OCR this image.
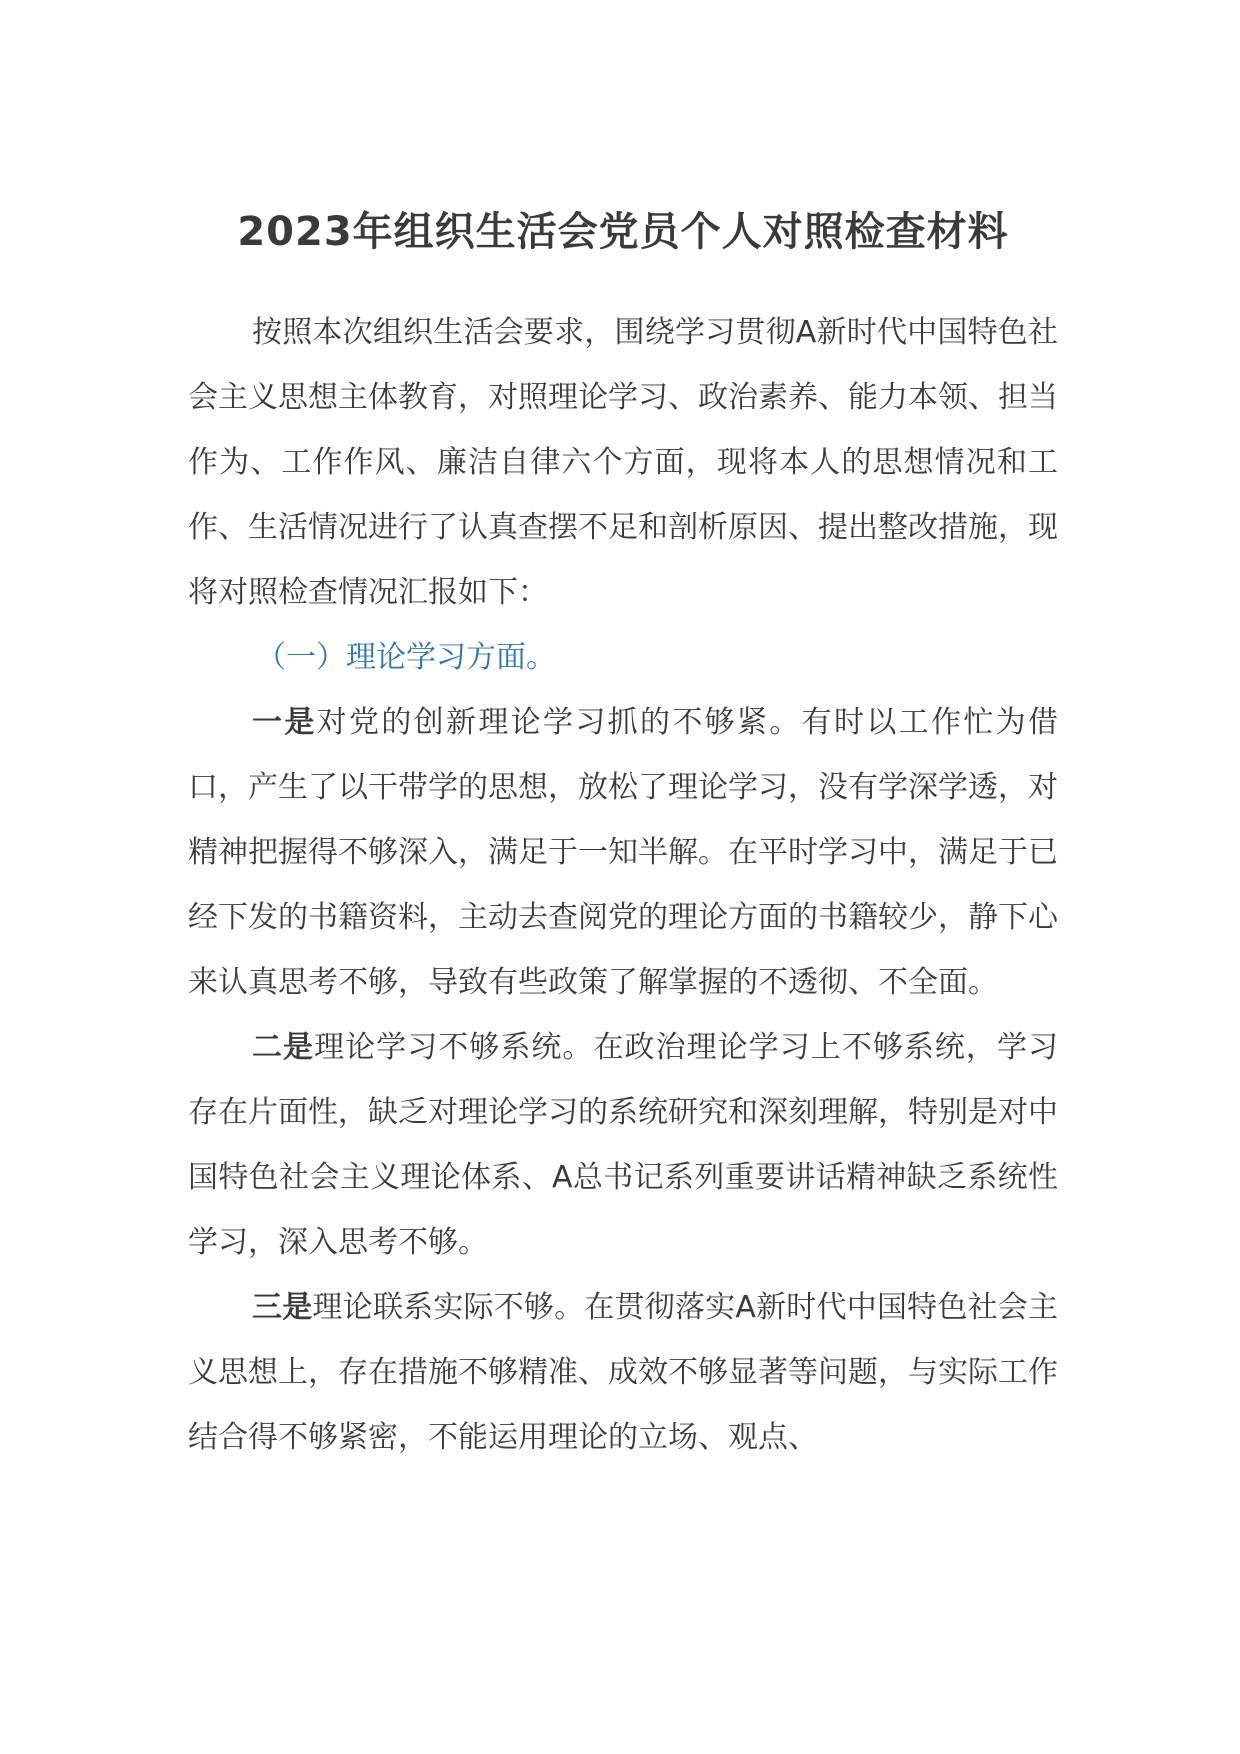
2023年组织生活会党员个人对照检查材料

按照本次组织生活会要求，围绕学习贯彻A新时代中国特色社会主义思想主体教育，对照理论学习、政治素养、能力本领、担当作为、工作作风、廉洁自律六个方面，现将本人的思想情况和工作、生活情况进行了认真查摆不足和剖析原因、提出整改措施，现将对照检查情况汇报如下：

（一）理论学习方面。

一是对党的创新理论学习抓的不够紧。有时以工作忙为借口，产生了以干带学的思想，放松了理论学习，没有学深学透，对精神把握得不够深入，满足于一知半解。在平时学习中，满足于已经下发的书籍资料，主动去查阅党的理论方面的书籍较少，静下心来认真思考不够，导致有些政策了解掌握的不透彻、不全面。

二是理论学习不够系统。在政治理论学习上不够系统，学习存在片面性，缺乏对理论学习的系统研究和深刻理解，特别是对中国特色社会主义理论体系、A总书记系列重要讲话精神缺乏系统性学习，深入思考不够。

三是理论联系实际不够。在贯彻落实A新时代中国特色社会主义思想上，存在措施不够精准、成效不够显著等问题，与实际工作结合得不够紧密，不能运用理论的立场、观点、
